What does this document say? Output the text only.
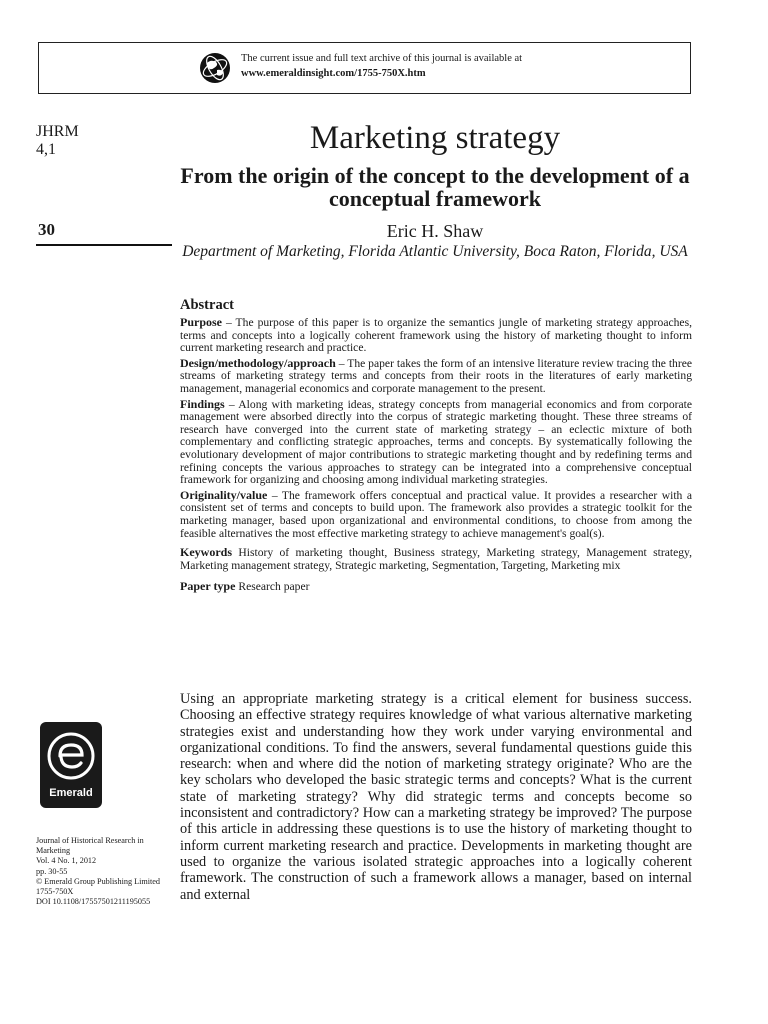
The current issue and full text archive of this journal is available at
www.emeraldinsight.com/1755-750X.htm
JHRM
4,1
30
Marketing strategy
From the origin of the concept to the development of a conceptual framework
Eric H. Shaw
Department of Marketing, Florida Atlantic University, Boca Raton, Florida, USA
Abstract

Purpose – The purpose of this paper is to organize the semantics jungle of marketing strategy approaches, terms and concepts into a logically coherent framework using the history of marketing thought to inform current marketing research and practice.

Design/methodology/approach – The paper takes the form of an intensive literature review tracing the three streams of marketing strategy terms and concepts from their roots in the literatures of early marketing management, managerial economics and corporate management to the present.

Findings – Along with marketing ideas, strategy concepts from managerial economics and from corporate management were absorbed directly into the corpus of strategic marketing thought. These three streams of research have converged into the current state of marketing strategy – an eclectic mixture of both complementary and conflicting strategic approaches, terms and concepts. By systematically following the evolutionary development of major contributions to strategic marketing thought and by redefining terms and refining concepts the various approaches to strategy can be integrated into a comprehensive conceptual framework for organizing and choosing among individual marketing strategies.

Originality/value – The framework offers conceptual and practical value. It provides a researcher with a consistent set of terms and concepts to build upon. The framework also provides a strategic toolkit for the marketing manager, based upon organizational and environmental conditions, to choose from among the feasible alternatives the most effective marketing strategy to achieve management's goal(s).

Keywords History of marketing thought, Business strategy, Marketing strategy, Management strategy, Marketing management strategy, Strategic marketing, Segmentation, Targeting, Marketing mix

Paper type Research paper

Using an appropriate marketing strategy is a critical element for business success. Choosing an effective strategy requires knowledge of what various alternative marketing strategies exist and understanding how they work under varying environmental and organizational conditions. To find the answers, several fundamental questions guide this research: when and where did the notion of marketing strategy originate? Who are the key scholars who developed the basic strategic terms and concepts? What is the current state of marketing strategy? Why did strategic terms and concepts become so inconsistent and contradictory? How can a marketing strategy be improved? The purpose of this article in addressing these questions is to use the history of marketing thought to inform current marketing research and practice. Developments in marketing thought are used to organize the various isolated strategic approaches into a logically coherent framework. The construction of such a framework allows a manager, based on internal and external
Emerald
Journal of Historical Research in
Marketing
Vol. 4 No. 1, 2012
pp. 30-55
© Emerald Group Publishing Limited
1755-750X
DOI 10.1108/17557501211195055
